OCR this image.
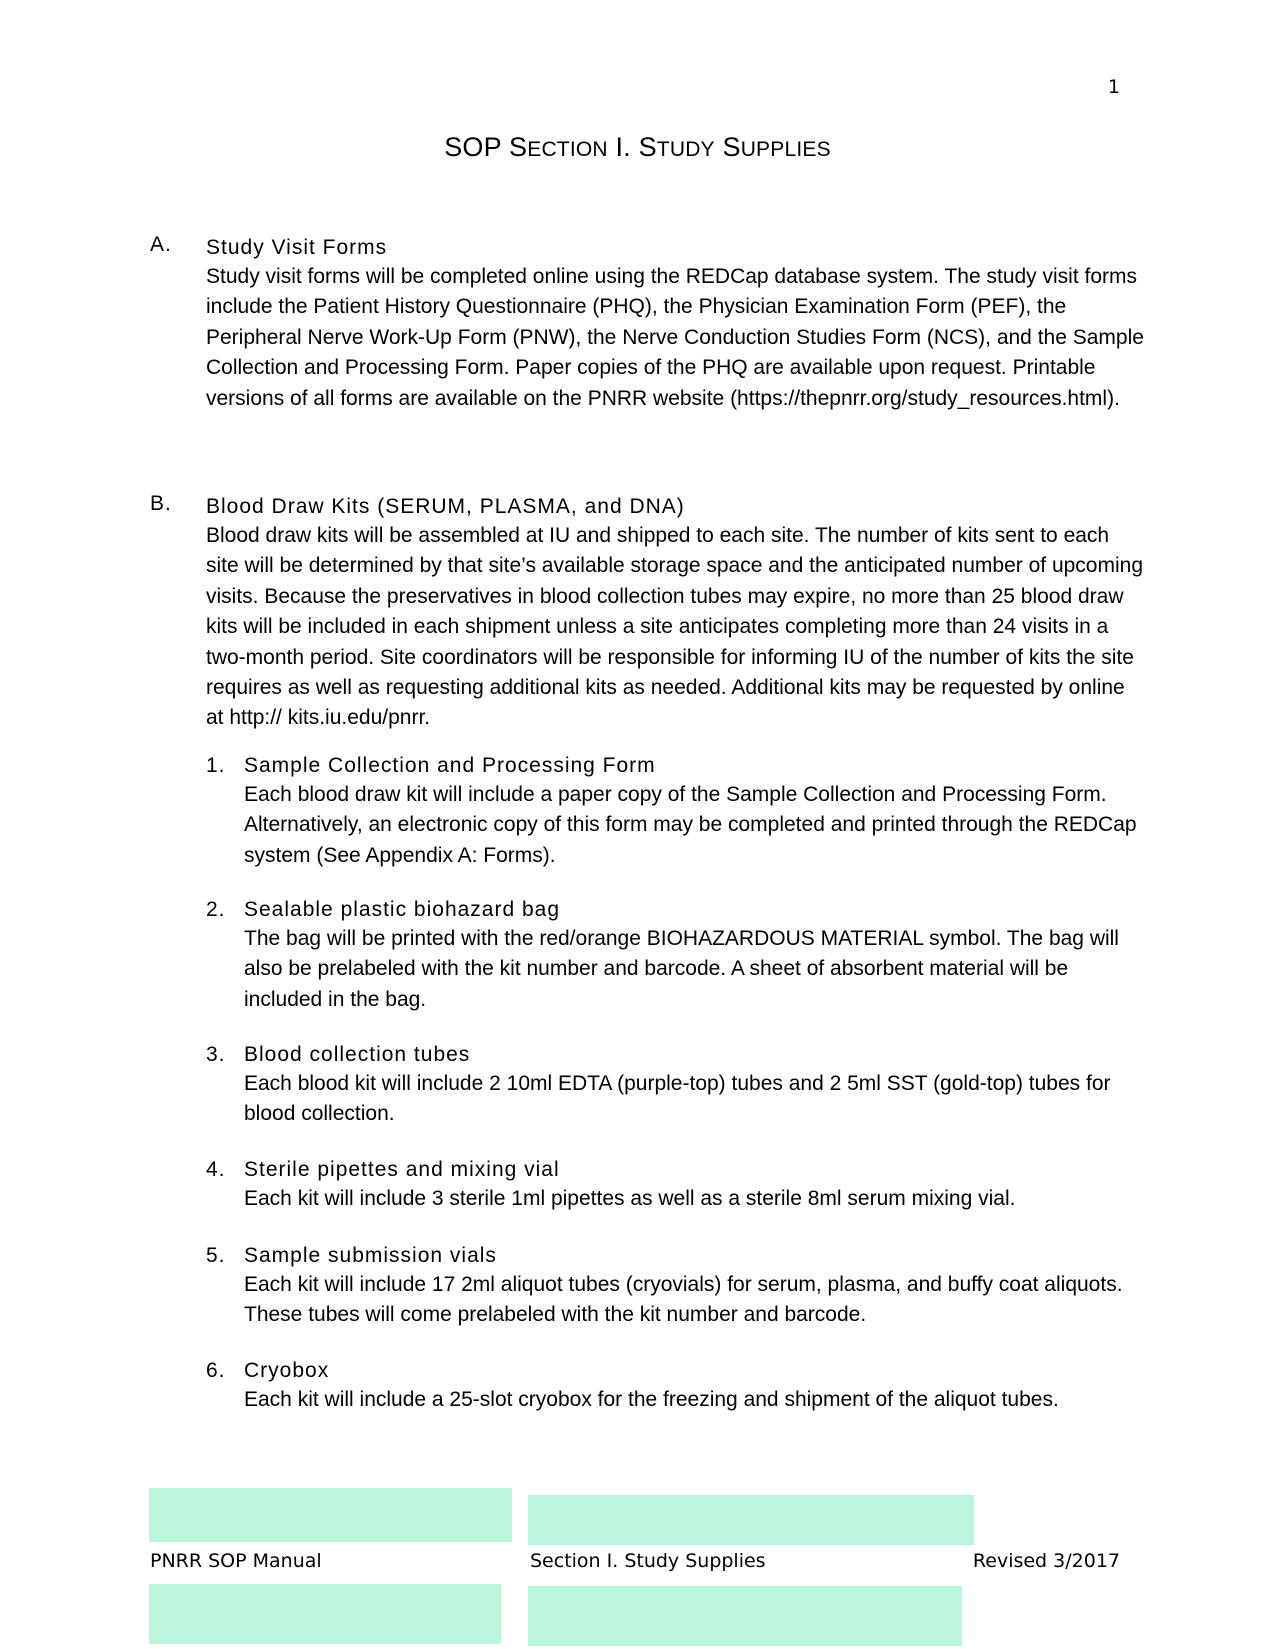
1
SOP SECTION I. STUDY SUPPLIES
A. Study Visit Forms
Study visit forms will be completed online using the REDCap database system. The study visit forms include the Patient History Questionnaire (PHQ), the Physician Examination Form (PEF), the Peripheral Nerve Work-Up Form (PNW), the Nerve Conduction Studies Form (NCS), and the Sample Collection and Processing Form. Paper copies of the PHQ are available upon request. Printable versions of all forms are available on the PNRR website (https://thepnrr.org/study_resources.html).
B. Blood Draw Kits (SERUM, PLASMA, and DNA)
Blood draw kits will be assembled at IU and shipped to each site. The number of kits sent to each site will be determined by that site’s available storage space and the anticipated number of upcoming visits. Because the preservatives in blood collection tubes may expire, no more than 25 blood draw kits will be included in each shipment unless a site anticipates completing more than 24 visits in a two-month period. Site coordinators will be responsible for informing IU of the number of kits the site requires as well as requesting additional kits as needed. Additional kits may be requested by online at http:// kits.iu.edu/pnrr.
1. Sample Collection and Processing Form
Each blood draw kit will include a paper copy of the Sample Collection and Processing Form. Alternatively, an electronic copy of this form may be completed and printed through the REDCap system (See Appendix A: Forms).
2. Sealable plastic biohazard bag
The bag will be printed with the red/orange BIOHAZARDOUS MATERIAL symbol. The bag will also be prelabeled with the kit number and barcode. A sheet of absorbent material will be included in the bag.
3. Blood collection tubes
Each blood kit will include 2 10ml EDTA (purple-top) tubes and 2 5ml SST (gold-top) tubes for blood collection.
4. Sterile pipettes and mixing vial
Each kit will include 3 sterile 1ml pipettes as well as a sterile 8ml serum mixing vial.
5. Sample submission vials
Each kit will include 17 2ml aliquot tubes (cryovials) for serum, plasma, and buffy coat aliquots. These tubes will come prelabeled with the kit number and barcode.
6. Cryobox
Each kit will include a 25-slot cryobox for the freezing and shipment of the aliquot tubes.
PNRR SOP Manual	Section I. Study Supplies	Revised 3/2017
